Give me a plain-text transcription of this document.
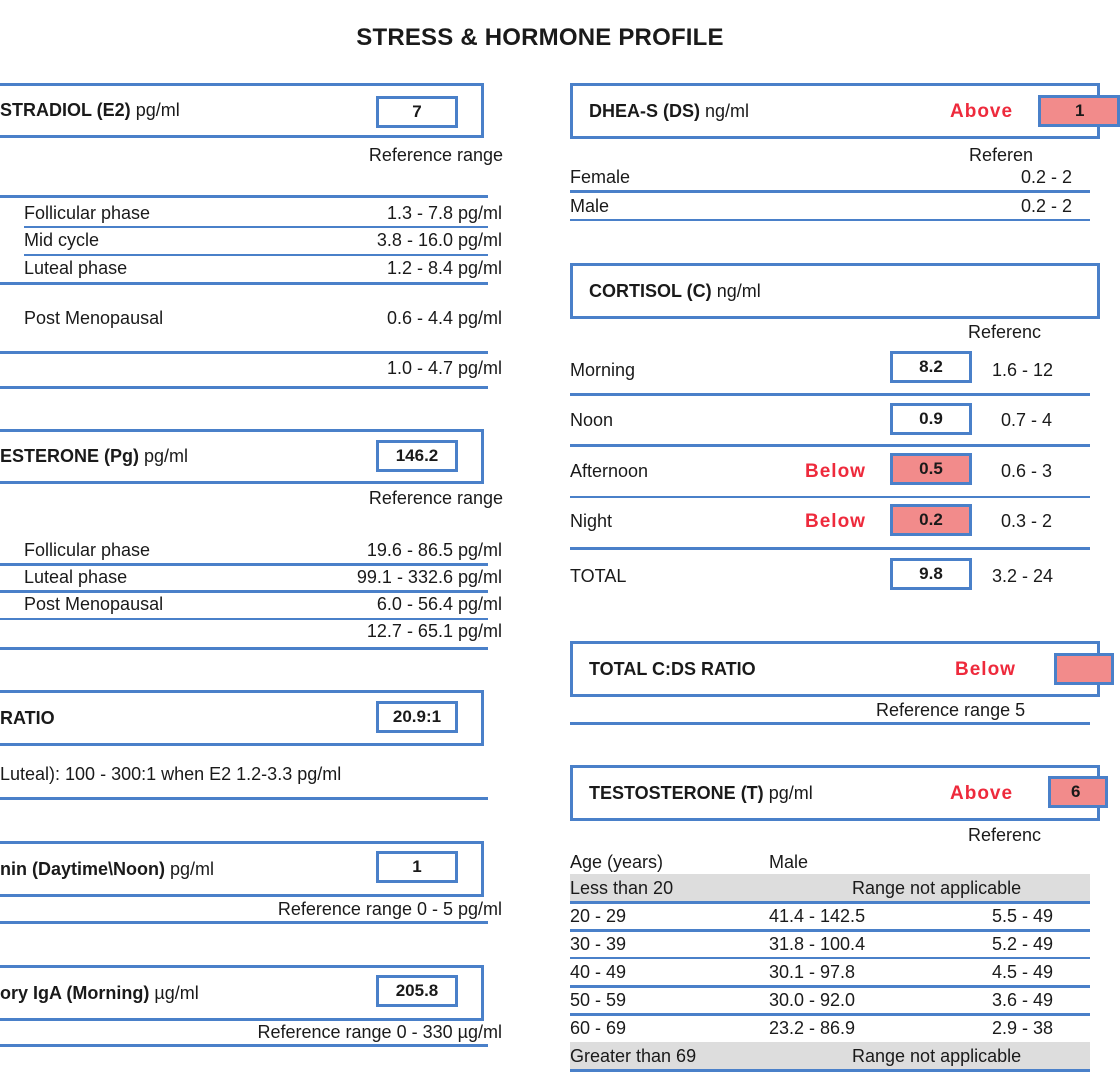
STRESS & HORMONE PROFILE
STRADIOL (E2) pg/ml	7
Reference range
Follicular phase	1.3 - 7.8 pg/ml
Mid cycle	3.8 - 16.0 pg/ml
Luteal phase	1.2 - 8.4 pg/ml
Post Menopausal	0.6 - 4.4 pg/ml
1.0 - 4.7 pg/ml
ESTERONE (Pg) pg/ml	146.2
Reference range
Follicular phase	19.6 - 86.5 pg/ml
Luteal phase	99.1 - 332.6 pg/ml
Post Menopausal	6.0 - 56.4 pg/ml
12.7 - 65.1 pg/ml
RATIO	20.9:1
Luteal): 100 - 300:1 when E2 1.2-3.3 pg/ml
nin (Daytime\Noon) pg/ml	1
Reference range 0 - 5 pg/ml
ory IgA (Morning) µg/ml	205.8
Reference range 0 - 330 µg/ml
DHEA-S (DS) ng/ml	Above	1
Referen
Female	0.2 - 2
Male	0.2 - 2
CORTISOL (C) ng/ml
Referenc
Morning	8.2	1.6 - 12
Noon	0.9	0.7 - 4
Afternoon	Below	0.5	0.6 - 3
Night	Below	0.2	0.3 - 2
TOTAL	9.8	3.2 - 24
TOTAL C:DS RATIO	Below
Reference range 5
TESTOSTERONE (T) pg/ml	Above	6
Referenc
Age (years)	Male
Less than 20	Range not applicable
20 - 29	41.4 - 142.5	5.5 - 49
30 - 39	31.8 - 100.4	5.2 - 49
40 - 49	30.1 - 97.8	4.5 - 49
50 - 59	30.0 - 92.0	3.6 - 49
60 - 69	23.2 - 86.9	2.9 - 38
Greater than 69	Range not applicable
